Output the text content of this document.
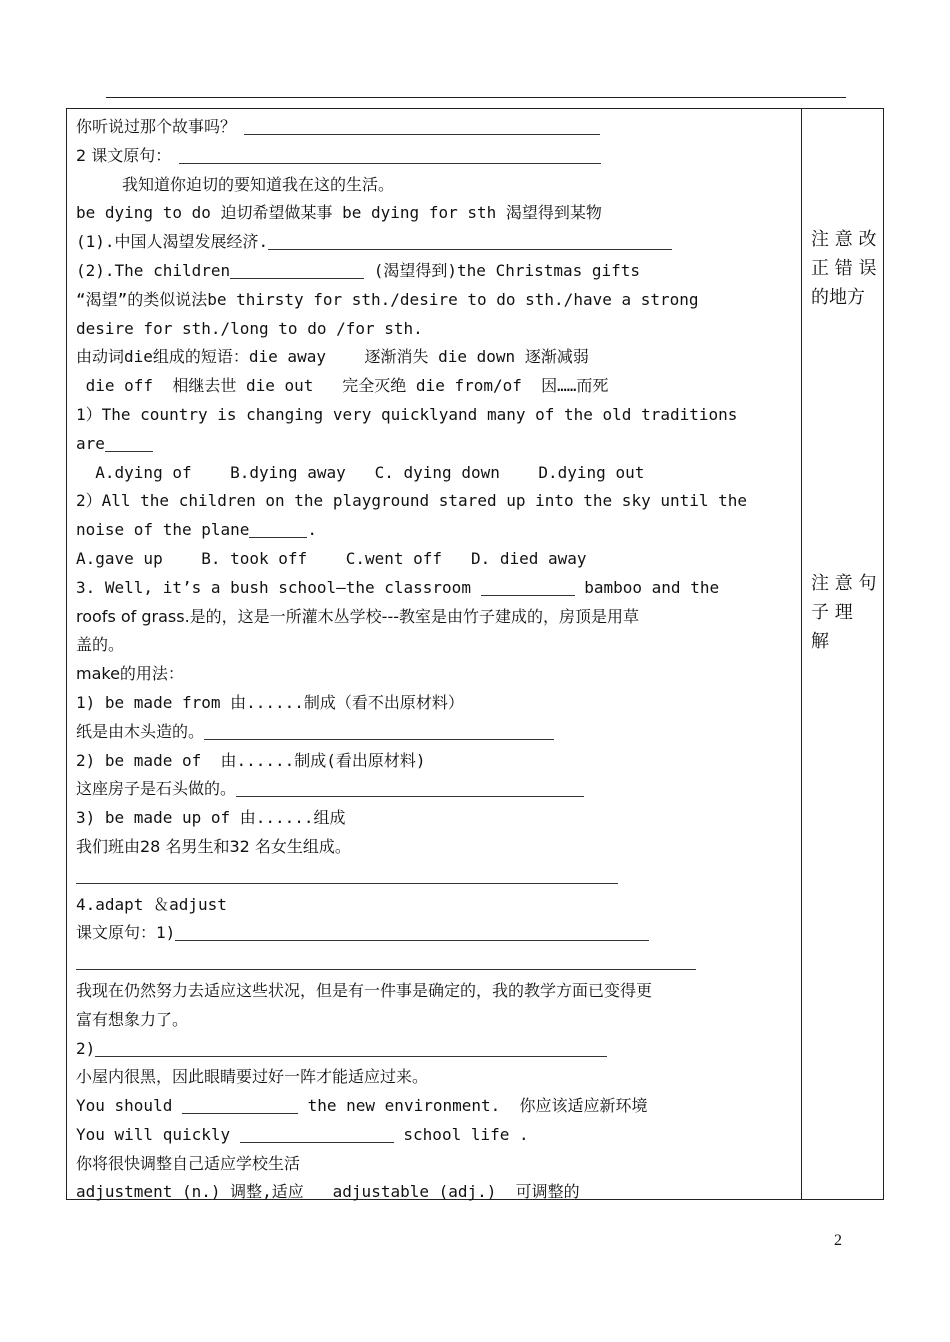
你听说过那个故事吗？
2 课文原句：
我知道你迫切的要知道我在这的生活。
be dying to do 迫切希望做某事 be dying for sth 渴望得到某物
(1).中国人渴望发展经济.
(2).The children	(渴望得到)the Christmas gifts
“渴望”的类似说法be thirsty for sth./desire to do sth./have a strong
desire for sth./long to do /for sth.
由动词die组成的短语：die away    逐渐消失 die down 逐渐减弱
die off  相继去世 die out   完全灭绝 die from/of  因……而死
1）The country is changing very quicklyand many of the old traditions
are
A.dying of    B.dying away   C. dying down    D.dying out
2）All the children on the playground stared up into the sky until the
noise of the plane	.
A.gave up    B. took off    C.went off   D. died away
3. Well, it’s a bush school—the classroom	bamboo and the
roofs of grass.是的，这是一所灌木丛学校---教室是由竹子建成的，房顶是用草
盖的。
make的用法：
1) be made from 由......制成（看不出原材料）
纸是由木头造的。
2) be made of  由......制成(看出原材料)
这座房子是石头做的。
3) be made up of 由......组成
我们班由28 名男生和32 名女生组成。
4.adapt ＆adjust
课文原句：1)
我现在仍然努力去适应这些状况，但是有一件事是确定的，我的教学方面已变得更
富有想象力了。
2)
小屋内很黑，因此眼睛要过好一阵才能适应过来。
You should	the new environment.  你应该适应新环境
You will quickly	school life .
你将很快调整自己适应学校生活
adjustment (n.) 调整,适应   adjustable (adj.)  可调整的
注 意 改
正 错 误
的地方
注 意 句
子 理
解
2
